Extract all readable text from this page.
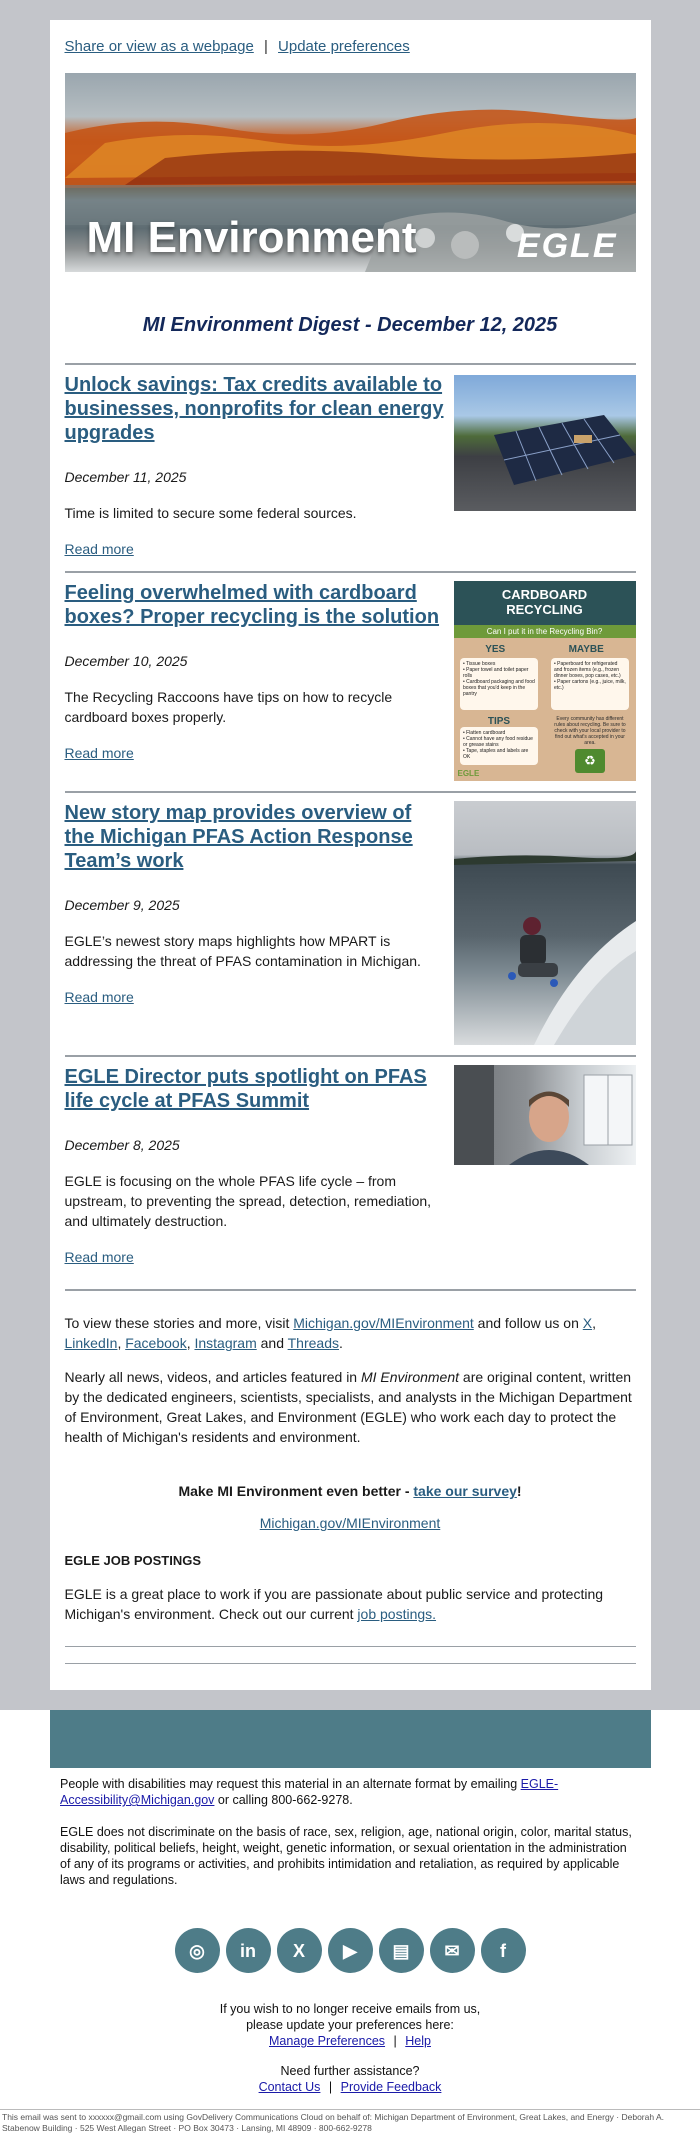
Share or view as a webpage | Update preferences
MI Environment	EGLE
MI Environment Digest - December 12, 2025
Unlock savings: Tax credits available to businesses, nonprofits for clean energy upgrades

December 11, 2025

Time is limited to secure some federal sources.

Read more
Feeling overwhelmed with cardboard boxes? Proper recycling is the solution

December 10, 2025

The Recycling Raccoons have tips on how to recycle cardboard boxes properly.

Read more
CARDBOARD
RECYCLING
Can I put it in the Recycling Bin?
YES	MAYBE
• Tissue boxes
• Paper towel and toilet paper rolls
• Cardboard packaging and food boxes that you'd keep in the pantry
• Paperboard for refrigerated and frozen items (e.g., frozen dinner boxes, pop cases, etc.)
• Paper cartons (e.g., juice, milk, etc.)
TIPS
• Flatten cardboard
• Cannot have any food residue or grease stains
• Tape, staples and labels are OK
Every community has different rules about recycling. Be sure to check with your local provider to find out what's accepted in your area.
♻
EGLE
New story map provides overview of the Michigan PFAS Action Response Team’s work

December 9, 2025

EGLE’s newest story maps highlights how MPART is addressing the threat of PFAS contamination in Michigan.

Read more
EGLE Director puts spotlight on PFAS life cycle at PFAS Summit

December 8, 2025

EGLE is focusing on the whole PFAS life cycle – from upstream, to preventing the spread, detection, remediation, and ultimately destruction.

Read more

To view these stories and more, visit Michigan.gov/MIEnvironment and follow us on X, LinkedIn, Facebook, Instagram and Threads.

Nearly all news, videos, and articles featured in MI Environment are original content, written by the dedicated engineers, scientists, specialists, and analysts in the Michigan Department of Environment, Great Lakes, and Environment (EGLE) who work each day to protect the health of Michigan's residents and environment.

Make MI Environment even better - take our survey!

Michigan.gov/MIEnvironment

EGLE JOB POSTINGS

EGLE is a great place to work if you are passionate about public service and protecting Michigan's environment. Check out our current job postings.

People with disabilities may request this material in an alternate format by emailing EGLE-Accessibility@Michigan.gov or calling 800-662-9278.

EGLE does not discriminate on the basis of race, sex, religion, age, national origin, color, marital status, disability, political beliefs, height, weight, genetic information, or sexual orientation in the administration of any of its programs or activities, and prohibits intimidation and retaliation, as required by applicable laws and regulations.

◎	in	X	▶	▤	✉	f
If you wish to no longer receive emails from us,
please update your preferences here:
Manage Preferences | Help
Need further assistance?
Contact Us | Provide Feedback
This email was sent to xxxxxx@gmail.com using GovDelivery Communications Cloud on behalf of: Michigan Department of Environment, Great Lakes, and Energy · Deborah A. Stabenow Building · 525 West Allegan Street · PO Box 30473 · Lansing, MI 48909 · 800-662-9278
